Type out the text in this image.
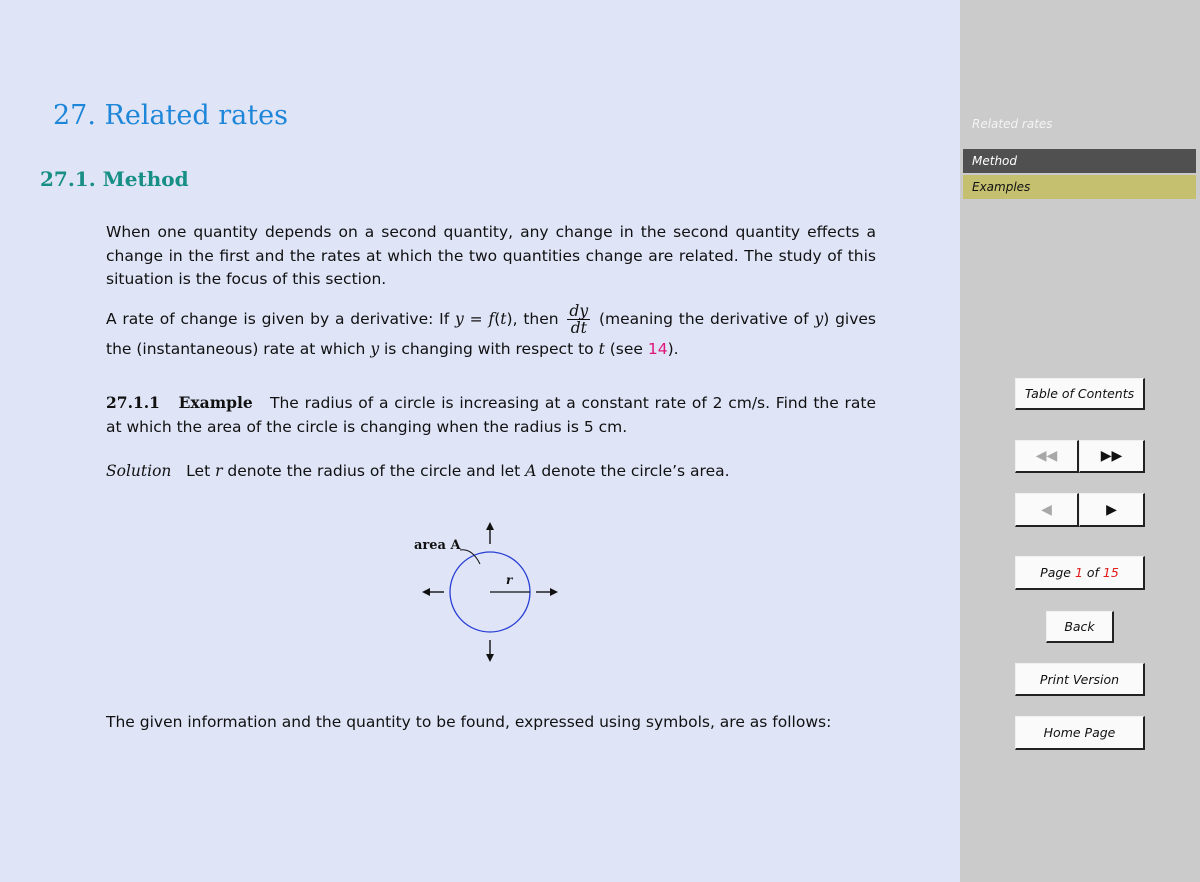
27. Related rates
27.1. Method
When one quantity depends on a second quantity, any change in the second quantity effects a change in the first and the rates at which the two quantities change are related. The study of this situation is the focus of this section.
A rate of change is given by a derivative: If y = f(t), then $\frac{dy}{dt}$ (meaning the derivative of y) gives the (instantaneous) rate at which y is changing with respect to t (see 14).
27.1.1   Example The radius of a circle is increasing at a constant rate of 2 cm/s. Find the rate at which the area of the circle is changing when the radius is 5 cm.
Solution Let r denote the radius of the circle and let A denote the circle’s area.
area A
r
The given information and the quantity to be found, expressed using symbols, are as follows:
Related rates
Method
Examples
Table of Contents
◀◀	▶▶
◀	▶
Page 1 of 15
Back
Print Version
Home Page
